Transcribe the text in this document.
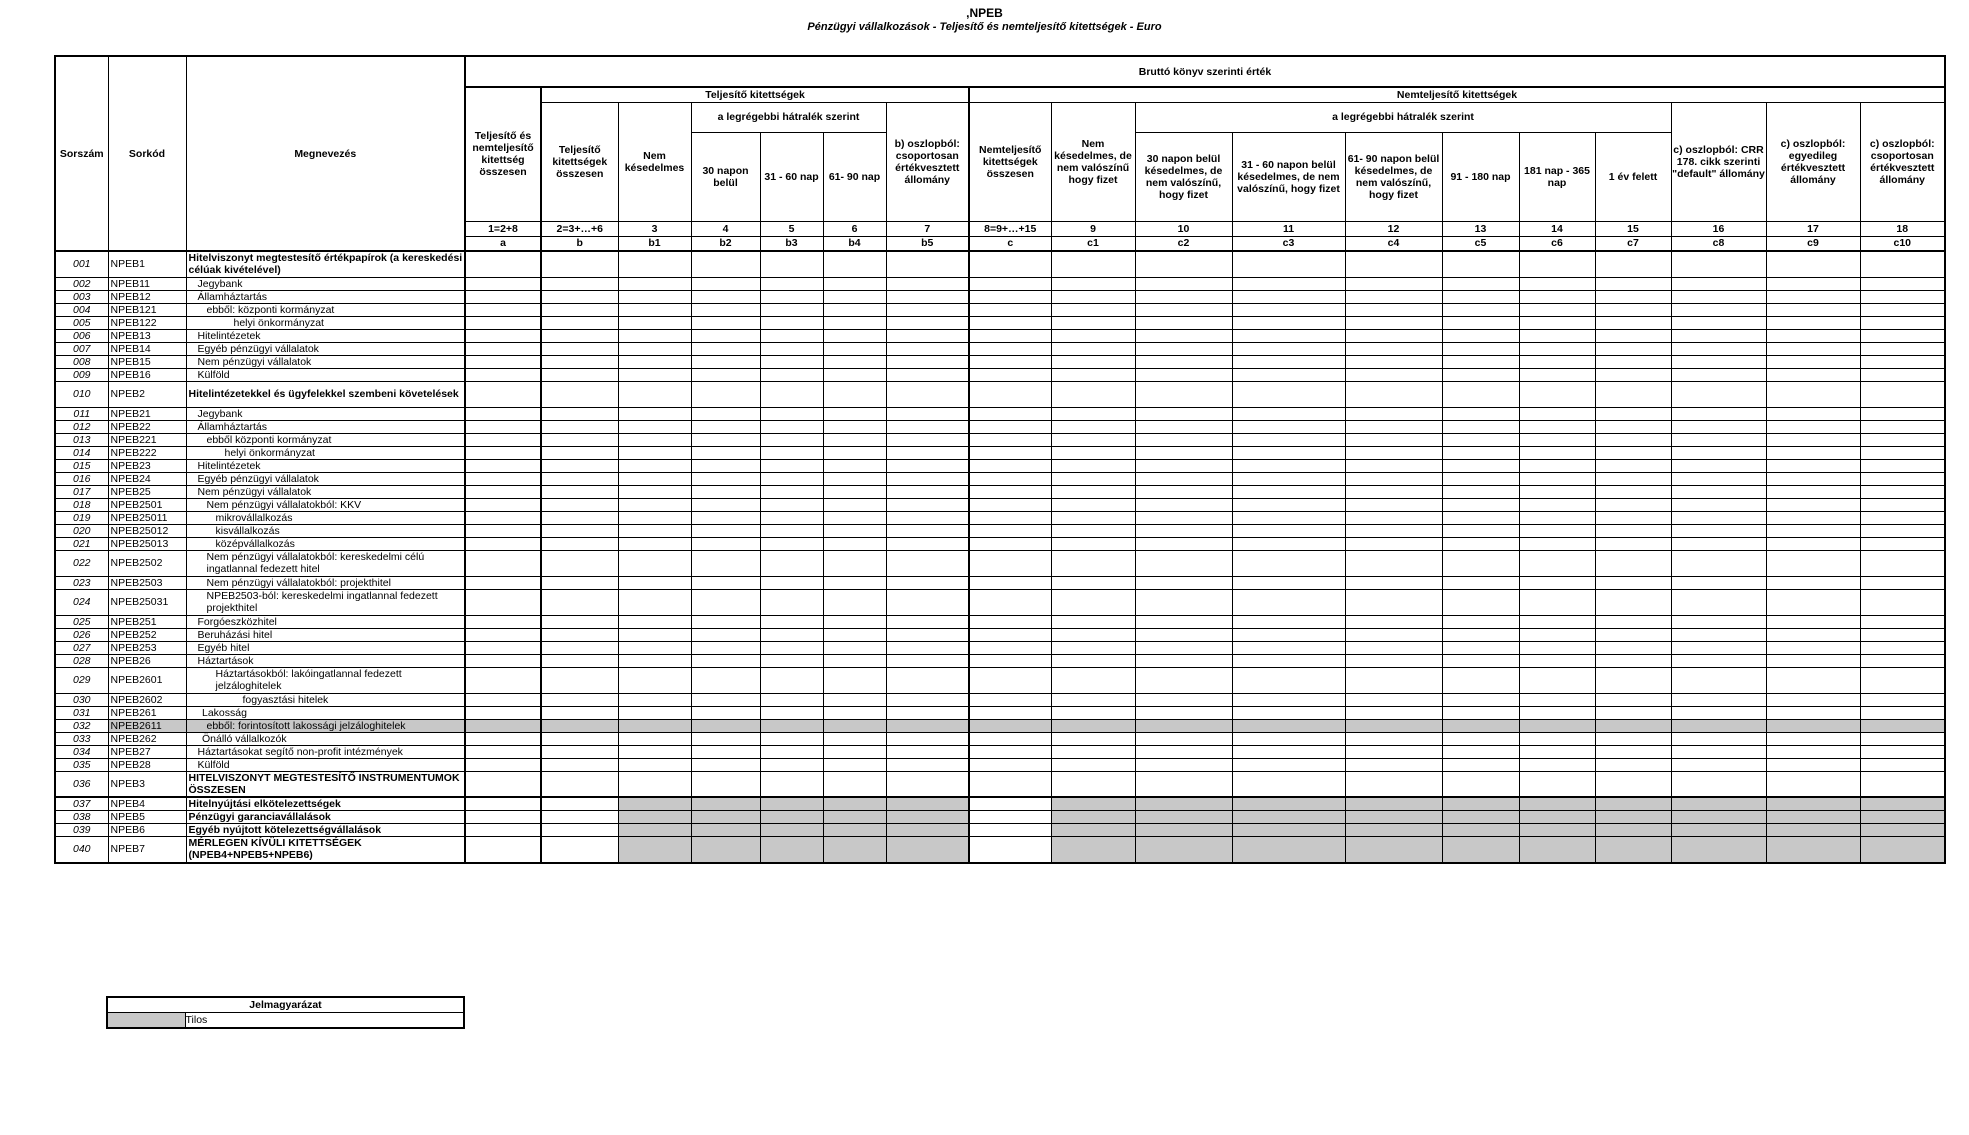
,NPEB
Pénzügyi vállalkozások - Teljesítő és nemteljesítő kitettségek - Euro
Sorszám	Sorkód	Megnevezés	Bruttó könyv szerinti érték																	
			Teljesítő és nemteljesítő kitettség összesen	Teljesítő kitettségek						Nemteljesítő kitettségek										
				Teljesítő kitettségek összesen	Nem késedelmes	a legrégebbi hátralék szerint			b) oszlopból: csoportosan értékvesztett állomány	Nemteljesítő kitettségek összesen	Nem késedelmes, de nem valószínű hogy fizet	a legrégebbi hátralék szerint						c) oszlopból: CRR 178. cikk szerinti "default" állomány	c) oszlopból: egyedileg értékvesztett állomány	c) oszlopból: csoportosan értékvesztett állomány
						30 napon belül	31 - 60 nap	61- 90 nap				30 napon belül késedelmes, de nem valószínű, hogy fizet	31 - 60 napon belül késedelmes, de nem valószínű, hogy fizet	61- 90 napon belül késedelmes, de nem valószínű, hogy fizet	91 - 180 nap	181 nap - 365 nap	1 év felett			
			1=2+8	2=3+…+6	3	4	5	6	7	8=9+…+15	9	10	11	12	13	14	15	16	17	18
			a	b	b1	b2	b3	b4	b5	c	c1	c2	c3	c4	c5	c6	c7	c8	c9	c10
001	NPEB1	Hitelviszonyt megtestesítő értékpapírok (a kereskedési célúak kivételével)																		
002	NPEB11	Jegybank																		
003	NPEB12	Államháztartás																		
004	NPEB121	ebből: központi kormányzat																		
005	NPEB122	helyi önkormányzat																		
006	NPEB13	Hitelintézetek																		
007	NPEB14	Egyéb pénzügyi vállalatok																		
008	NPEB15	Nem pénzügyi vállalatok																		
009	NPEB16	Külföld																		
010	NPEB2	Hitelintézetekkel és ügyfelekkel szembeni követelések																		
011	NPEB21	Jegybank																		
012	NPEB22	Államháztartás																		
013	NPEB221	ebből központi kormányzat																		
014	NPEB222	helyi önkormányzat																		
015	NPEB23	Hitelintézetek																		
016	NPEB24	Egyéb pénzügyi vállalatok																		
017	NPEB25	Nem pénzügyi vállalatok																		
018	NPEB2501	Nem pénzügyi vállalatokból: KKV																		
019	NPEB25011	mikrovállalkozás																		
020	NPEB25012	kisvállalkozás																		
021	NPEB25013	középvállalkozás																		
022	NPEB2502	Nem pénzügyi vállalatokból: kereskedelmi célú ingatlannal fedezett hitel																		
023	NPEB2503	Nem pénzügyi vállalatokból: projekthitel																		
024	NPEB25031	NPEB2503-ból: kereskedelmi ingatlannal fedezett projekthitel																		
025	NPEB251	Forgóeszközhitel																		
026	NPEB252	Beruházási hitel																		
027	NPEB253	Egyéb hitel																		
028	NPEB26	Háztartások																		
029	NPEB2601	Háztartásokból: lakóingatlannal fedezett jelzáloghitelek																		
030	NPEB2602	fogyasztási hitelek																		
031	NPEB261	Lakosság																		
032	NPEB2611	ebből: forintosított lakossági jelzáloghitelek																		
033	NPEB262	Önálló vállalkozók																		
034	NPEB27	Háztartásokat segítő non-profit intézmények																		
035	NPEB28	Külföld																		
036	NPEB3	HITELVISZONYT MEGTESTESÍTŐ INSTRUMENTUMOK ÖSSZESEN																		
037	NPEB4	Hitelnyújtási elkötelezettségek																		
038	NPEB5	Pénzügyi garanciavállalások																		
039	NPEB6	Egyéb nyújtott kötelezettségvállalások																		
040	NPEB7	MÉRLEGEN KÍVÜLI KITETTSÉGEK (NPEB4+NPEB5+NPEB6)																		
Jelmagyarázat
	Tilos
